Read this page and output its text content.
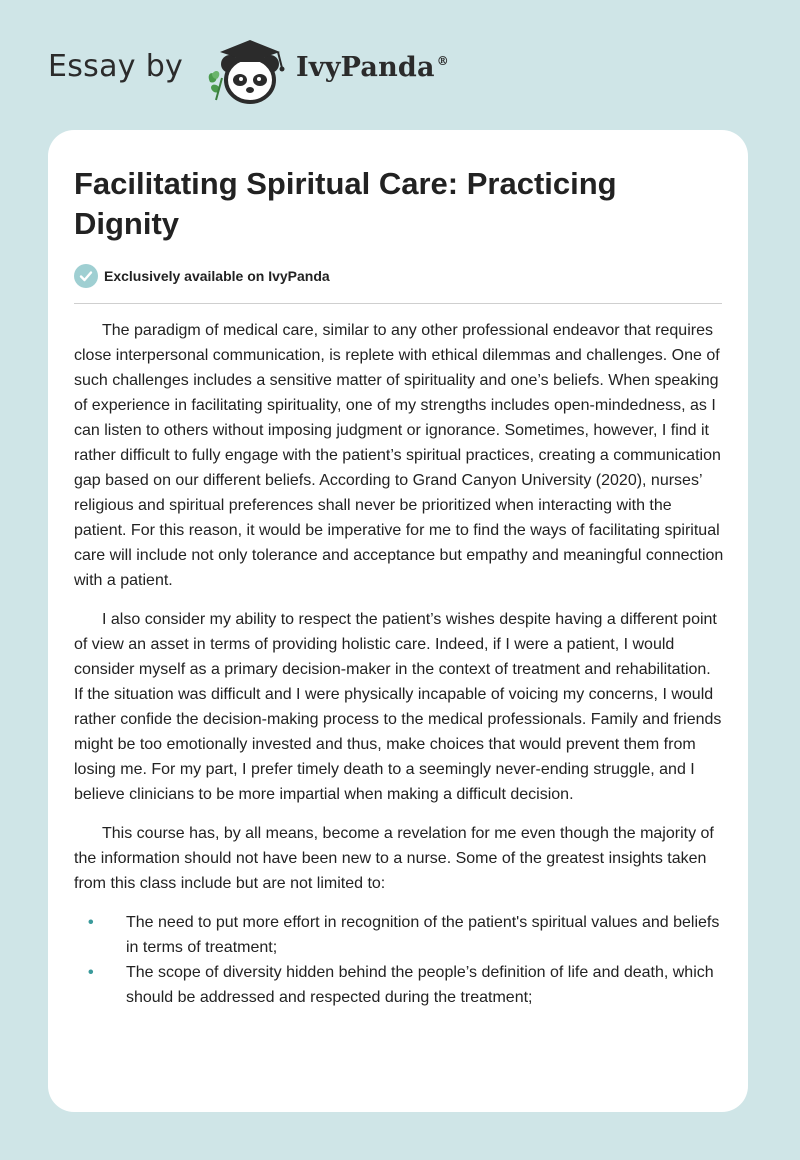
Essay by	IvyPanda ®
Facilitating Spiritual Care: Practicing Dignity
Exclusively available on IvyPanda

The paradigm of medical care, similar to any other professional endeavor that requires close interpersonal communication, is replete with ethical dilemmas and challenges. One of such challenges includes a sensitive matter of spirituality and one’s beliefs. When speaking of experience in facilitating spirituality, one of my strengths includes open-mindedness, as I can listen to others without imposing judgment or ignorance. Sometimes, however, I find it rather difficult to fully engage with the patient’s spiritual practices, creating a communication gap based on our different beliefs. According to Grand Canyon University (2020), nurses’ religious and spiritual preferences shall never be prioritized when interacting with the patient. For this reason, it would be imperative for me to find the ways of facilitating spiritual care will include not only tolerance and acceptance but empathy and meaningful connection with a patient.

I also consider my ability to respect the patient’s wishes despite having a different point of view an asset in terms of providing holistic care. Indeed, if I were a patient, I would consider myself as a primary decision-maker in the context of treatment and rehabilitation. If the situation was difficult and I were physically incapable of voicing my concerns, I would rather confide the decision-making process to the medical professionals. Family and friends might be too emotionally invested and thus, make choices that would prevent them from losing me. For my part, I prefer timely death to a seemingly never-ending struggle, and I believe clinicians to be more impartial when making a difficult decision.

This course has, by all means, become a revelation for me even though the majority of the information should not have been new to a nurse. Some of the greatest insights taken from this class include but are not limited to:

• The need to put more effort in recognition of the patient's spiritual values and beliefs in terms of treatment;
• The scope of diversity hidden behind the people’s definition of life and death, which should be addressed and respected during the treatment;
